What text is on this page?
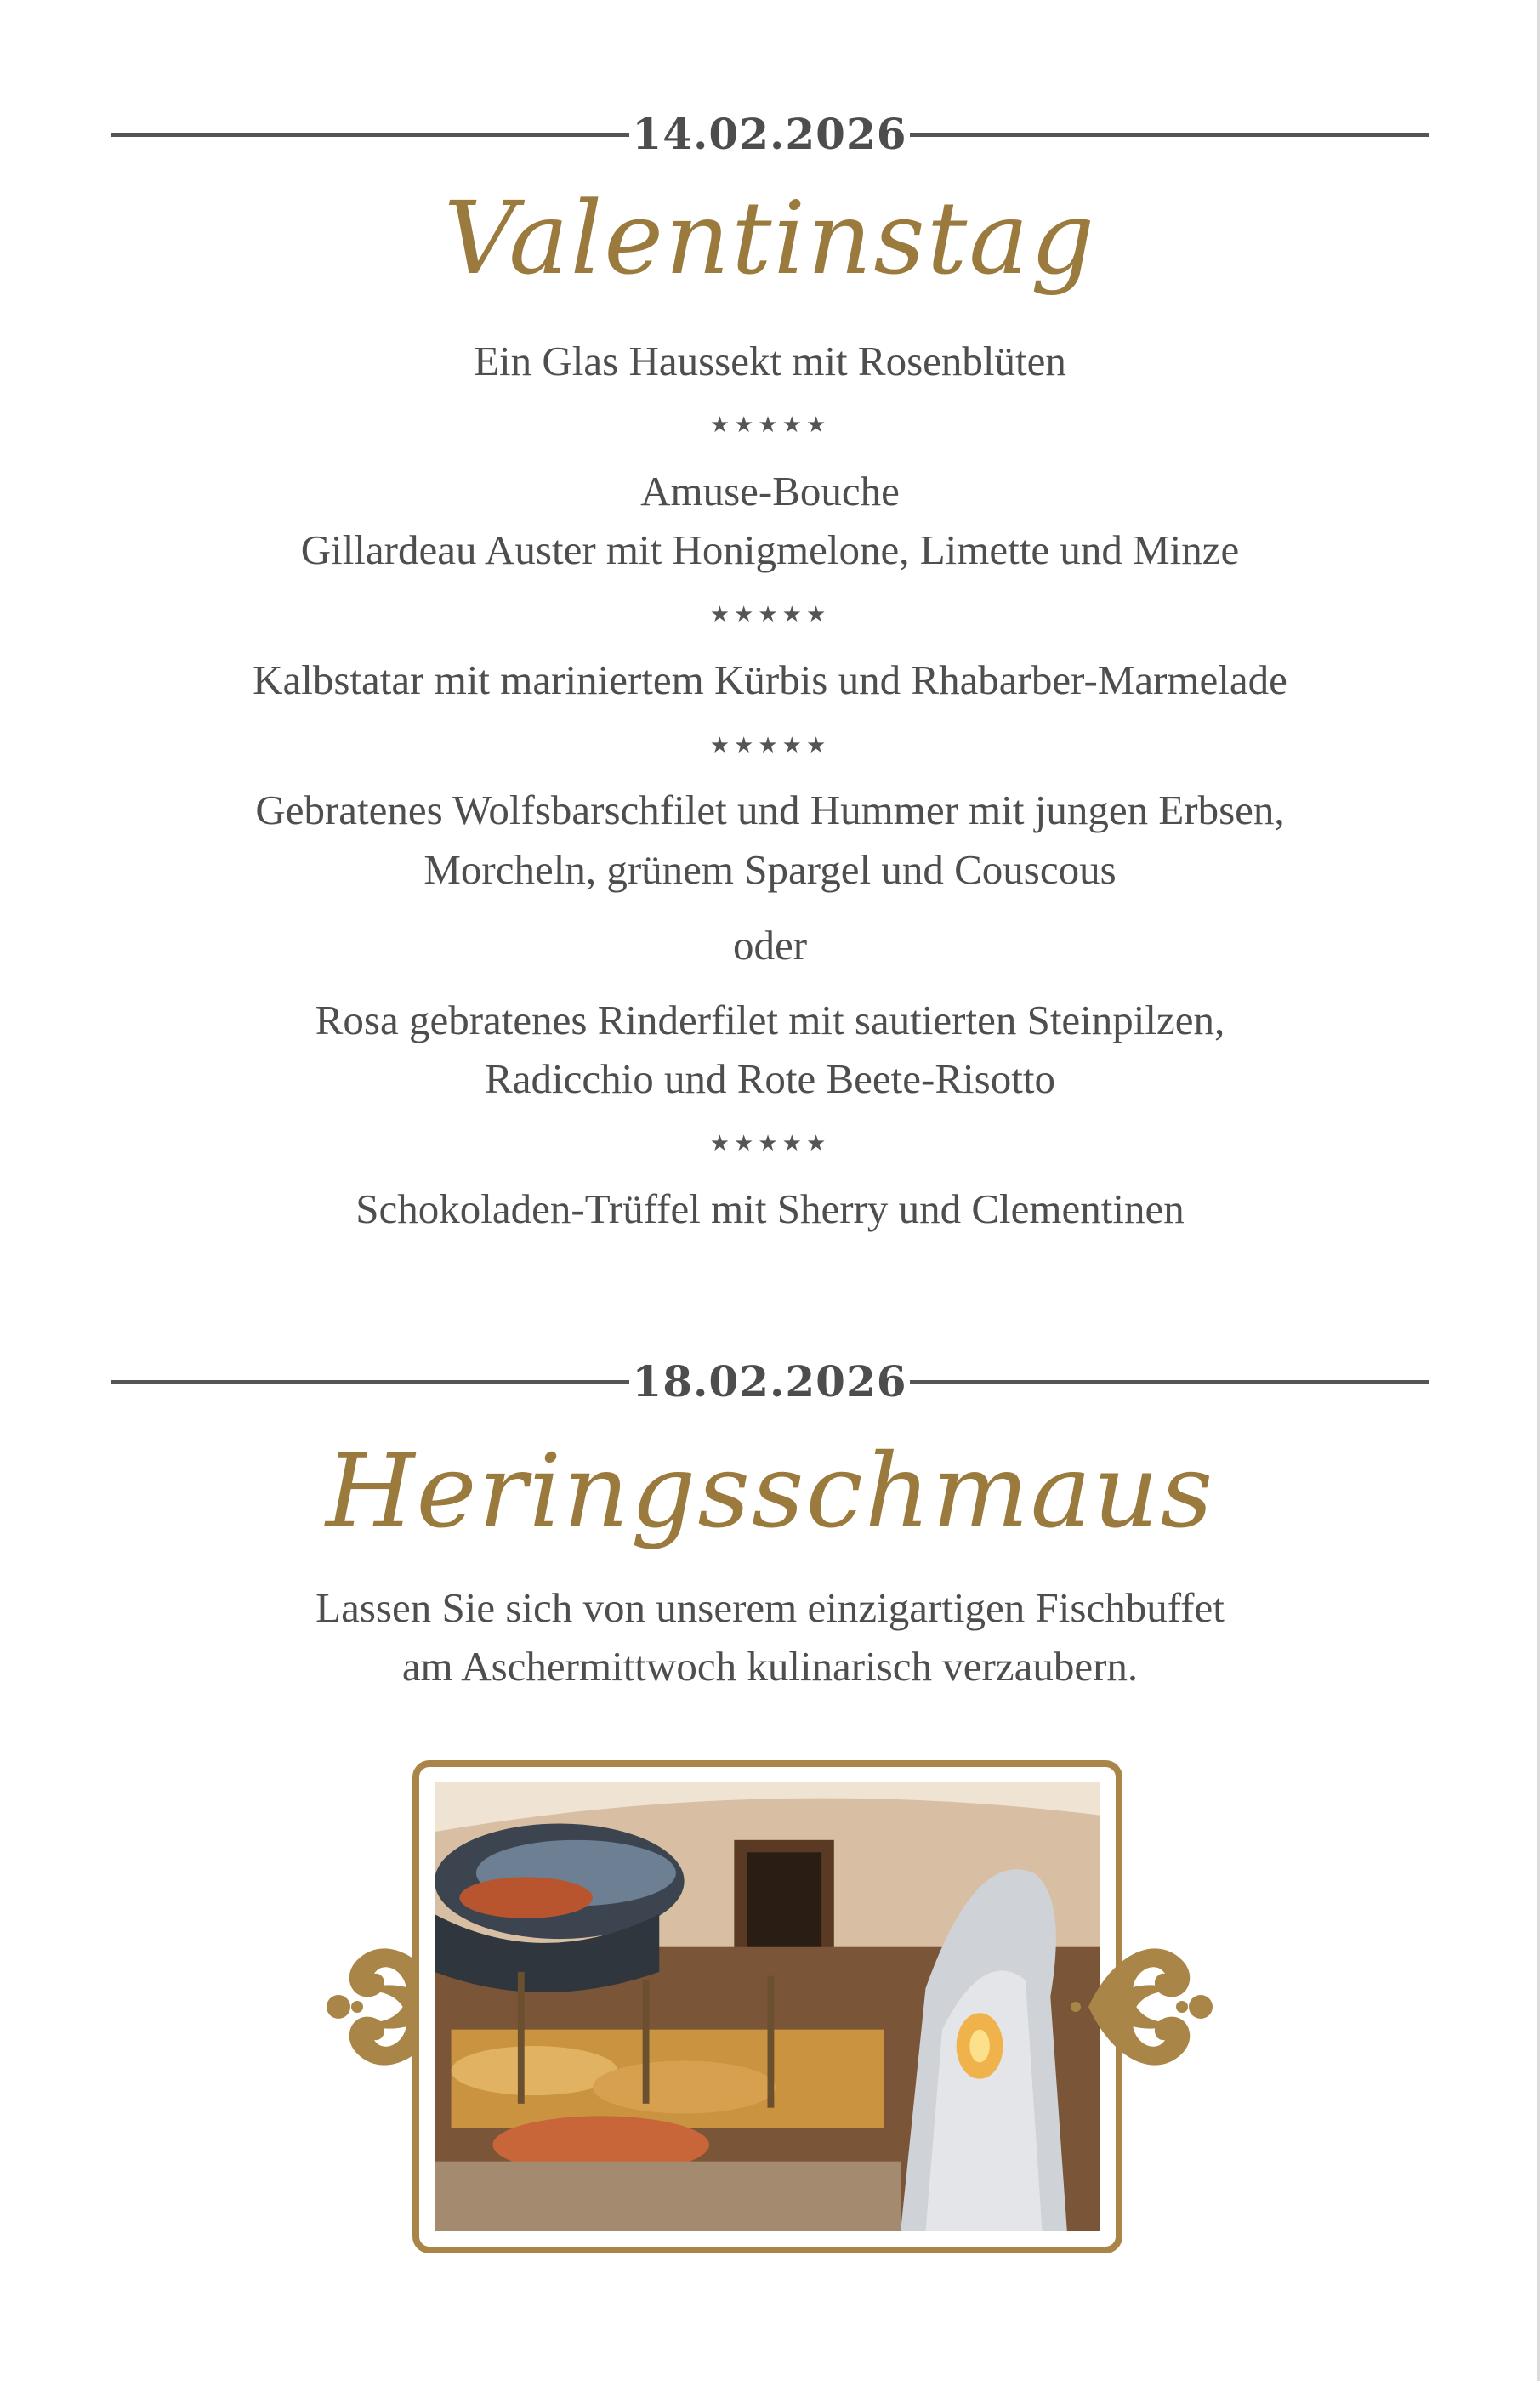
14.02.2026
Valentinstag
Ein Glas Haussekt mit Rosenblüten
★★★★★
Amuse-Bouche
Gillardeau Auster mit Honigmelone, Limette und Minze
★★★★★
Kalbstatar mit mariniertem Kürbis und Rhabarber-Marmelade
★★★★★
Gebratenes Wolfsbarschfilet und Hummer mit jungen Erbsen,
Morcheln, grünem Spargel und Couscous
oder
Rosa gebratenes Rinderfilet mit sautierten Steinpilzen,
Radicchio und Rote Beete-Risotto
★★★★★
Schokoladen-Trüffel mit Sherry und Clementinen
18.02.2026
Heringsschmaus
Lassen Sie sich von unserem einzigartigen Fischbuffet
am Aschermittwoch kulinarisch verzaubern.
